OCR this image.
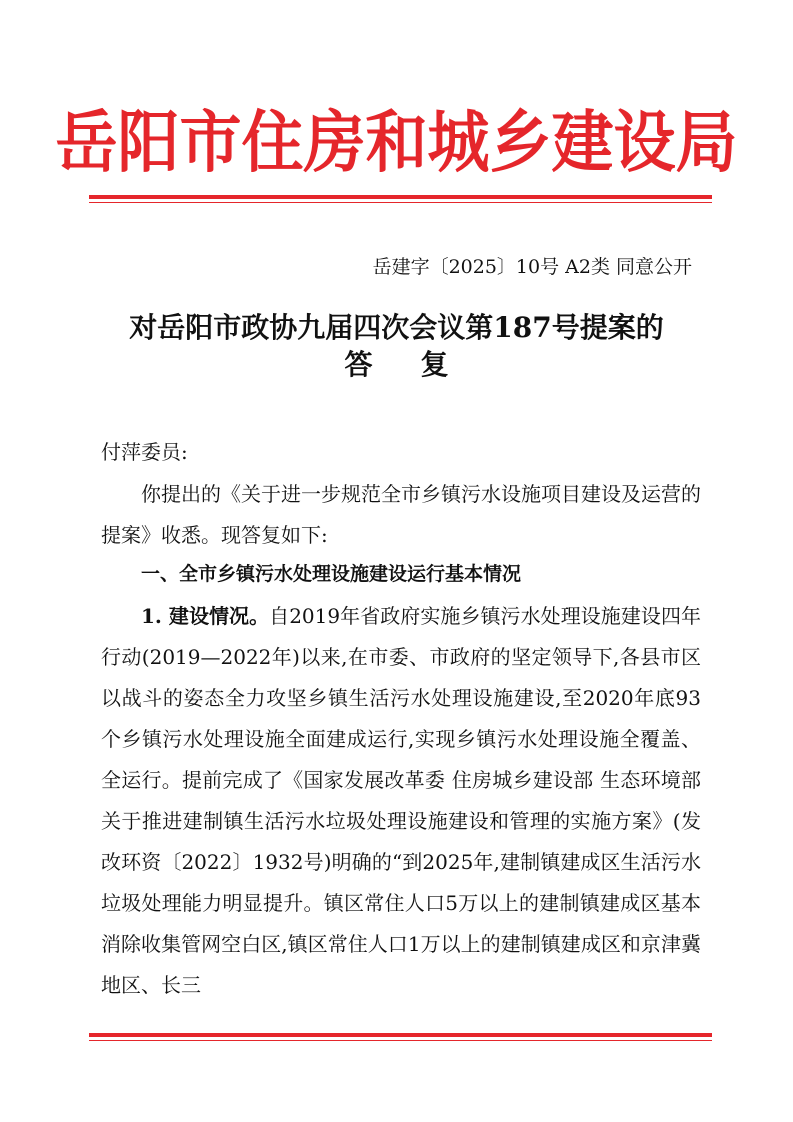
岳阳市住房和城乡建设局
岳建字〔2025〕10号 A2类 同意公开
对岳阳市政协九届四次会议第187号提案的
答复
付萍委员:
你提出的《关于进一步规范全市乡镇污水设施项目建设及运营的提案》收悉。现答复如下:
一、全市乡镇污水处理设施建设运行基本情况
1. 建设情况。自2019年省政府实施乡镇污水处理设施建设四年行动(2019—2022年)以来,在市委、市政府的坚定领导下,各县市区以战斗的姿态全力攻坚乡镇生活污水处理设施建设,至2020年底93个乡镇污水处理设施全面建成运行,实现乡镇污水处理设施全覆盖、全运行。提前完成了《国家发展改革委 住房城乡建设部 生态环境部关于推进建制镇生活污水垃圾处理设施建设和管理的实施方案》(发改环资〔2022〕1932号)明确的“到2025年,建制镇建成区生活污水垃圾处理能力明显提升。镇区常住人口5万以上的建制镇建成区基本消除收集管网空白区,镇区常住人口1万以上的建制镇建成区和京津冀地区、长三
